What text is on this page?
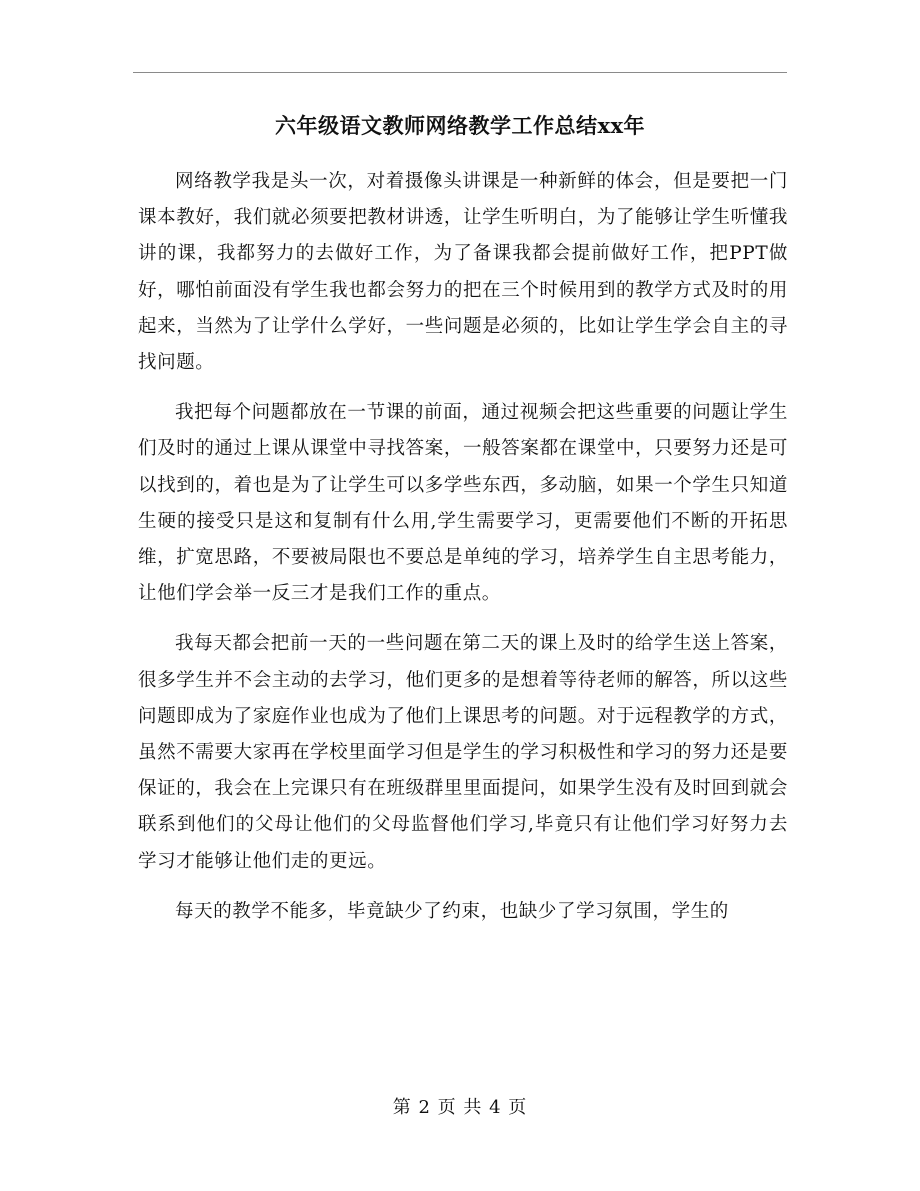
六年级语文教师网络教学工作总结xx年

网络教学我是头一次，对着摄像头讲课是一种新鲜的体会，但是要把一门课本教好，我们就必须要把教材讲透，让学生听明白，为了能够让学生听懂我讲的课，我都努力的去做好工作，为了备课我都会提前做好工作，把PPT做好，哪怕前面没有学生我也都会努力的把在三个时候用到的教学方式及时的用起来，当然为了让学什么学好，一些问题是必须的，比如让学生学会自主的寻找问题。

我把每个问题都放在一节课的前面，通过视频会把这些重要的问题让学生们及时的通过上课从课堂中寻找答案，一般答案都在课堂中，只要努力还是可以找到的，着也是为了让学生可以多学些东西，多动脑，如果一个学生只知道生硬的接受只是这和复制有什么用,学生需要学习，更需要他们不断的开拓思维，扩宽思路，不要被局限也不要总是单纯的学习，培养学生自主思考能力，让他们学会举一反三才是我们工作的重点。

我每天都会把前一天的一些问题在第二天的课上及时的给学生送上答案，很多学生并不会主动的去学习，他们更多的是想着等待老师的解答，所以这些问题即成为了家庭作业也成为了他们上课思考的问题。对于远程教学的方式，虽然不需要大家再在学校里面学习但是学生的学习积极性和学习的努力还是要保证的，我会在上完课只有在班级群里里面提问，如果学生没有及时回到就会联系到他们的父母让他们的父母监督他们学习,毕竟只有让他们学习好努力去学习才能够让他们走的更远。

每天的教学不能多，毕竟缺少了约束，也缺少了学习氛围，学生的

第 2 页 共 4 页
